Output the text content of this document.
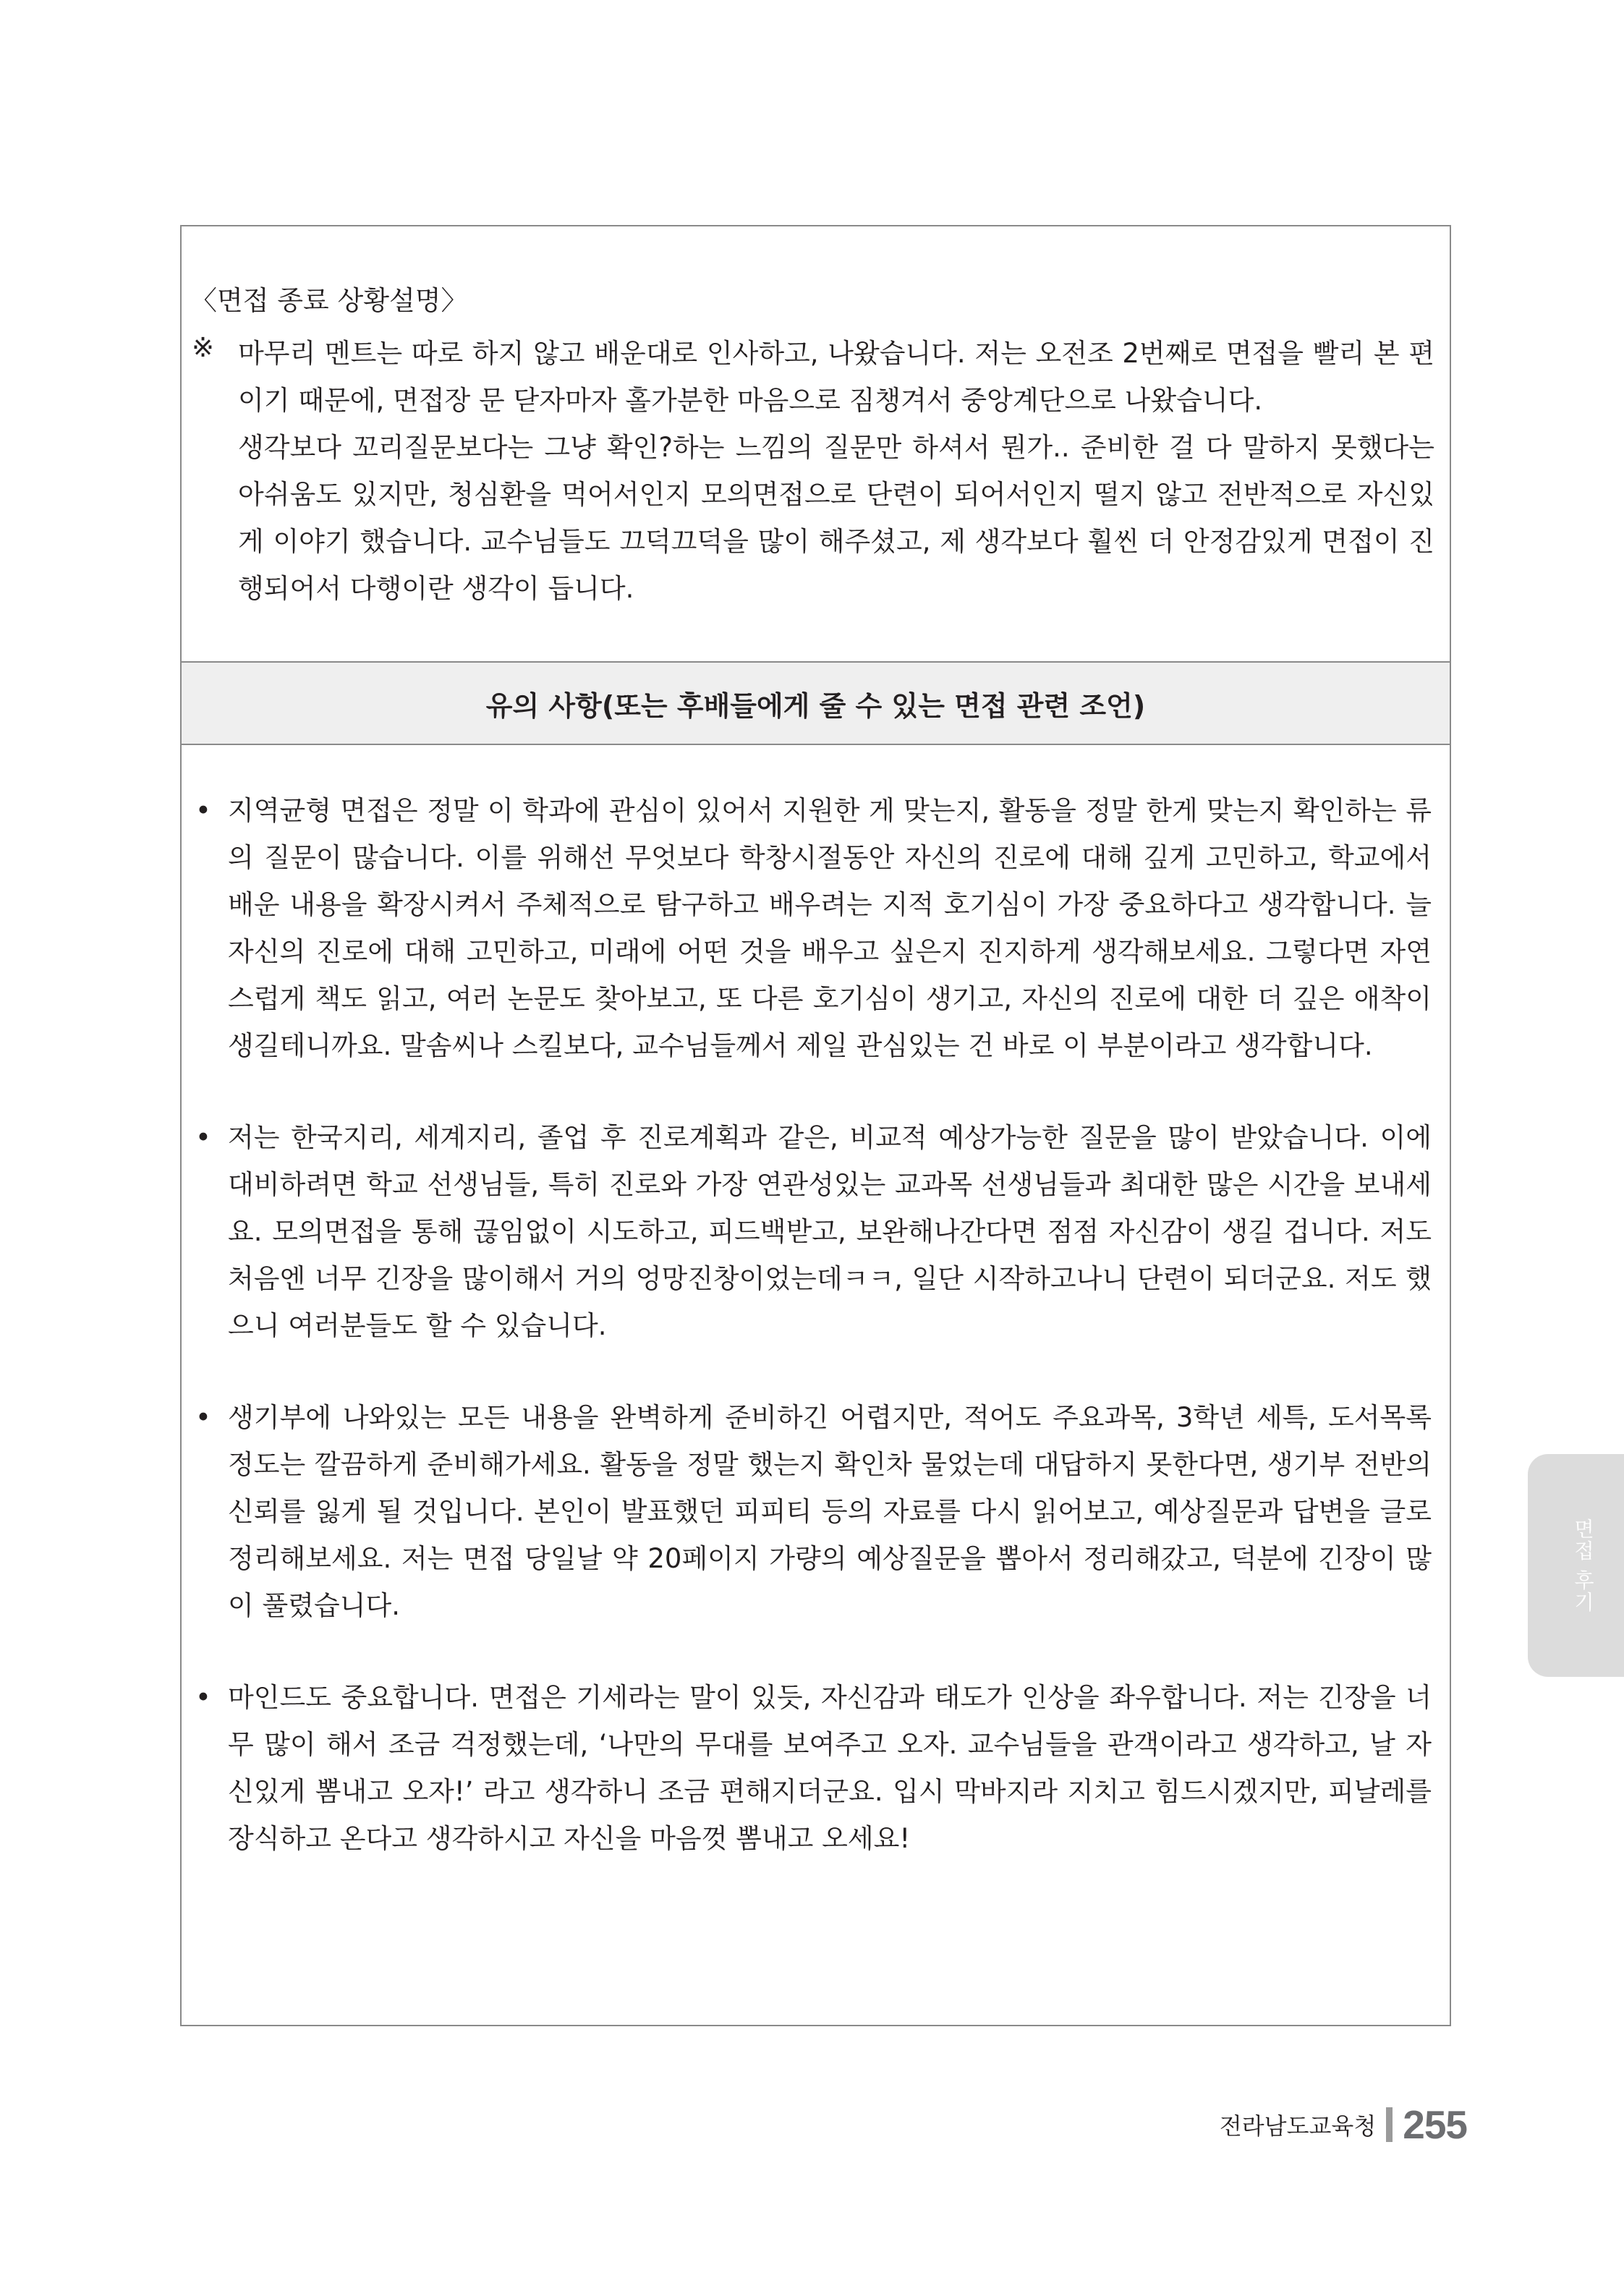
〈면접 종료 상황설명〉
※ 마무리 멘트는 따로 하지 않고 배운대로 인사하고, 나왔습니다. 저는 오전조 2번째로 면접을 빨리 본 편이기 때문에, 면접장 문 닫자마자 홀가분한 마음으로 짐챙겨서 중앙계단으로 나왔습니다.

생각보다 꼬리질문보다는 그냥 확인?하는 느낌의 질문만 하셔서 뭔가.. 준비한 걸 다 말하지 못했다는 아쉬움도 있지만, 청심환을 먹어서인지 모의면접으로 단련이 되어서인지 떨지 않고 전반적으로 자신있게 이야기 했습니다. 교수님들도 끄덕끄덕을 많이 해주셨고, 제 생각보다 훨씬 더 안정감있게 면접이 진행되어서 다행이란 생각이 듭니다.

유의 사항(또는 후배들에게 줄 수 있는 면접 관련 조언)
• 지역균형 면접은 정말 이 학과에 관심이 있어서 지원한 게 맞는지, 활동을 정말 한게 맞는지 확인하는 류의 질문이 많습니다. 이를 위해선 무엇보다 학창시절동안 자신의 진로에 대해 깊게 고민하고, 학교에서 배운 내용을 확장시켜서 주체적으로 탐구하고 배우려는 지적 호기심이 가장 중요하다고 생각합니다. 늘 자신의 진로에 대해 고민하고, 미래에 어떤 것을 배우고 싶은지 진지하게 생각해보세요. 그렇다면 자연스럽게 책도 읽고, 여러 논문도 찾아보고, 또 다른 호기심이 생기고, 자신의 진로에 대한 더 깊은 애착이 생길테니까요. 말솜씨나 스킬보다, 교수님들께서 제일 관심있는 건 바로 이 부분이라고 생각합니다.
• 저는 한국지리, 세계지리, 졸업 후 진로계획과 같은, 비교적 예상가능한 질문을 많이 받았습니다. 이에 대비하려면 학교 선생님들, 특히 진로와 가장 연관성있는 교과목 선생님들과 최대한 많은 시간을 보내세요. 모의면접을 통해 끊임없이 시도하고, 피드백받고, 보완해나간다면 점점 자신감이 생길 겁니다. 저도 처음엔 너무 긴장을 많이해서 거의 엉망진창이었는데ㅋㅋ, 일단 시작하고나니 단련이 되더군요. 저도 했으니 여러분들도 할 수 있습니다.
• 생기부에 나와있는 모든 내용을 완벽하게 준비하긴 어렵지만, 적어도 주요과목, 3학년 세특, 도서목록 정도는 깔끔하게 준비해가세요. 활동을 정말 했는지 확인차 물었는데 대답하지 못한다면, 생기부 전반의 신뢰를 잃게 될 것입니다. 본인이 발표했던 피피티 등의 자료를 다시 읽어보고, 예상질문과 답변을 글로 정리해보세요. 저는 면접 당일날 약 20페이지 가량의 예상질문을 뽑아서 정리해갔고, 덕분에 긴장이 많이 풀렸습니다.
• 마인드도 중요합니다. 면접은 기세라는 말이 있듯, 자신감과 태도가 인상을 좌우합니다. 저는 긴장을 너무 많이 해서 조금 걱정했는데, ‘나만의 무대를 보여주고 오자. 교수님들을 관객이라고 생각하고, 날 자신있게 뽐내고 오자!’ 라고 생각하니 조금 편해지더군요. 입시 막바지라 지치고 힘드시겠지만, 피날레를 장식하고 온다고 생각하시고 자신을 마음껏 뽐내고 오세요!
면접 후기
전라남도교육청 255
